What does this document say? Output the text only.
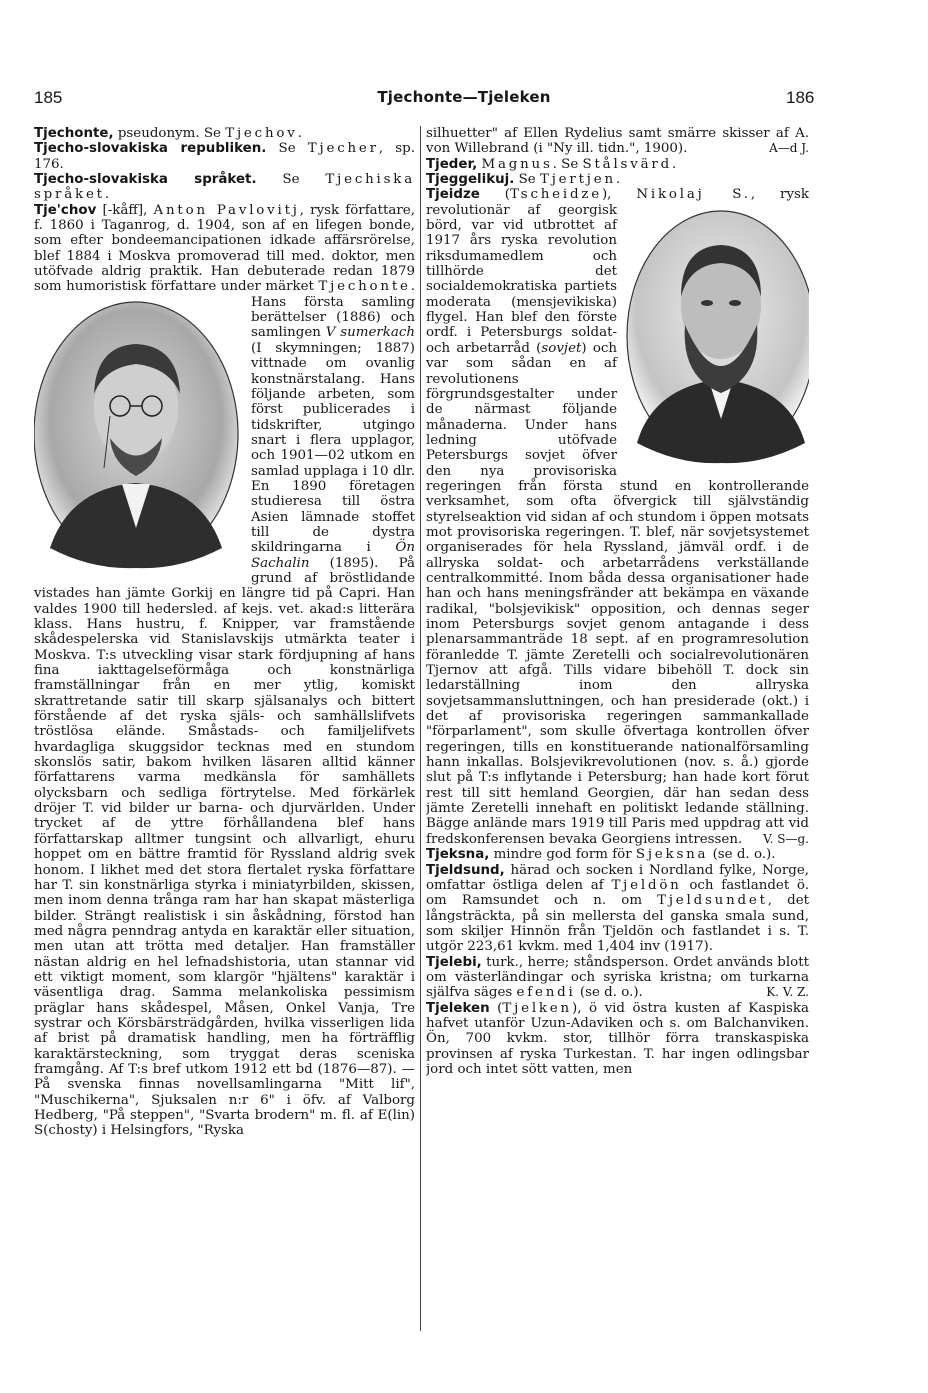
185	Tjechonte—Tjeleken	186

Tjechonte, pseudonym. Se Tjechov.

Tjecho-slovakiska republiken. Se Tjecher, sp. 176.

Tjecho-slovakiska språket. Se Tjechiska språket.

Tje'chov [-kåff], Anton Pavlovitj, rysk författare, f. 1860 i Taganrog, d. 1904, son af en lifegen bonde, som efter bondeemancipationen idkade affärsrörelse, blef 1884 i Moskva promoverad till med. doktor, men utöfvade aldrig praktik. Han debuterade redan 1879 som humoristisk författare under märket
Tjechonte. Hans första samling berättelser (1886) och samlingen V sumerkach (I skymningen; 1887) vittnade om ovanlig konstnärstalang. Hans följande arbeten, som först publicerades i tidskrifter, utgingo snart i flera upplagor, och 1901—02 utkom en samlad upplaga i 10 dlr. En 1890 företagen studieresa till östra Asien lämnade stoffet till de dystra skildringarna i Ön Sachalin (1895). På grund af bröstlidande vistades han jämte Gorkij en längre tid på Capri. Han valdes 1900 till hedersled. af kejs. vet. akad:s litterära klass. Hans hustru, f. Knipper, var framstående skådespelerska vid Stanislavskijs utmärkta teater i Moskva. T:s utveckling visar stark fördjupning af hans fina iakttagelseförmåga och konstnärliga framställningar från en mer ytlig, komiskt skrattretande satir till skarp själsanalys och bittert förstående af det ryska själs- och samhällslifvets tröstlösa elände. Småstads- och familjelifvets hvardagliga skuggsidor tecknas med en stundom skonslös satir, bakom hvilken läsaren alltid känner författarens varma medkänsla för samhällets olycksbarn och sedliga förtrytelse. Med förkärlek dröjer T. vid bilder ur barna- och djurvärlden. Under trycket af de yttre förhållandena blef hans författarskap alltmer tungsint och allvarligt, ehuru hoppet om en bättre framtid för Ryssland aldrig svek honom. I likhet med det stora flertalet ryska författare har T. sin konstnärliga styrka i miniatyrbilden, skissen, men inom denna trånga ram har han skapat mästerliga bilder. Strängt realistisk i sin åskådning, förstod han med några penndrag antyda en karaktär eller situation, men utan att trötta med detaljer. Han framställer nästan aldrig en hel lefnadshistoria, utan stannar vid ett viktigt moment, som klargör "hjältens" karaktär i väsentliga drag. Samma melankoliska pessimism präglar hans skådespel, Måsen, Onkel Vanja, Tre systrar och Körsbärsträdgården, hvilka visserligen lida af brist på dramatisk handling, men ha förträfflig karaktärsteckning, som tryggat deras sceniska framgång. Af T:s bref utkom 1912 ett bd (1876—87). — På svenska finnas novellsamlingarna "Mitt lif", "Muschikerna", Sjuksalen n:r 6" i öfv. af Valborg Hedberg, "På steppen", "Svarta brodern" m. fl. af E(lin) S(chosty) i Helsingfors, "Ryska

silhuetter" af Ellen Rydelius samt smärre skisser af A. von Willebrand (i "Ny ill. tidn.", 1900).	A—d J.

Tjeder, Magnus. Se Stålsvärd.

Tjeggelikuj. Se Tjertjen.

Tjeidze (Tscheidze), Nikolaj S.
, rysk revolutionär af georgisk börd, var vid utbrottet af 1917 års ryska revolution riksdumamedlem och tillhörde det socialdemokratiska partiets moderata (mensjevikiska) flygel. Han blef den förste ordf. i Petersburgs soldat- och arbetarråd (sovjet) och var som sådan en af revolutionens förgrundsgestalter under de närmast följande månaderna. Under hans ledning utöfvade Petersburgs sovjet öfver den nya provisoriska regeringen från första stund en kontrollerande verksamhet, som ofta öfvergick till självständig styrelseaktion vid sidan af och stundom i öppen motsats mot provisoriska regeringen. T. blef, när sovjetsystemet organiserades för hela Ryssland, jämväl ordf. i de allryska soldat- och arbetarrådens verkställande centralkommitté. Inom båda dessa organisationer hade han och hans meningsfränder att bekämpa en växande radikal, "bolsjevikisk" opposition, och dennas seger inom Petersburgs sovjet genom antagande i dess plenarsammanträde 18 sept. af en programresolution föranledde T. jämte Zeretelli och socialrevolutionären Tjernov att afgå. Tills vidare bibehöll T. dock sin ledarställning inom den allryska sovjetsammansluttningen, och han presiderade (okt.) i det af provisoriska regeringen sammankallade "förparlament", som skulle öfvertaga kontrollen öfver regeringen, tills en konstituerande nationalförsamling hann inkallas. Bolsjevikrevolutionen (nov. s. å.) gjorde slut på T:s inflytande i Petersburg; han hade kort förut rest till sitt hemland Georgien, där han sedan dess jämte Zeretelli innehaft en politiskt ledande ställning. Bägge anlände mars 1919 till Paris med uppdrag att vid fredskonferensen bevaka Georgiens intressen. V. S—g.

Tjeksna, mindre god form för Sjeksna (se d. o.).

Tjeldsund, härad och socken i Nordland fylke, Norge, omfattar östliga delen af Tjeldön och fastlandet ö. om Ramsundet och n. om Tjeldsundet, det långsträckta, på sin mellersta del ganska smala sund, som skiljer Hinnön från Tjeldön och fastlandet i s. T. utgör 223,61 kvkm. med 1,404 inv (1917).

Tjelebi, turk., herre; ståndsperson. Ordet används blott om västerländingar och syriska kristna; om turkarna själfva säges efendi (se d. o.).	K. V. Z.

Tjeleken (Tjelken), ö vid östra kusten af Kaspiska hafvet utanför Uzun-Adaviken och s. om Balchanviken. Ön, 700 kvkm. stor, tillhör förra transkaspiska provinsen af ryska Turkestan. T. har ingen odlingsbar jord och intet sött vatten, men
